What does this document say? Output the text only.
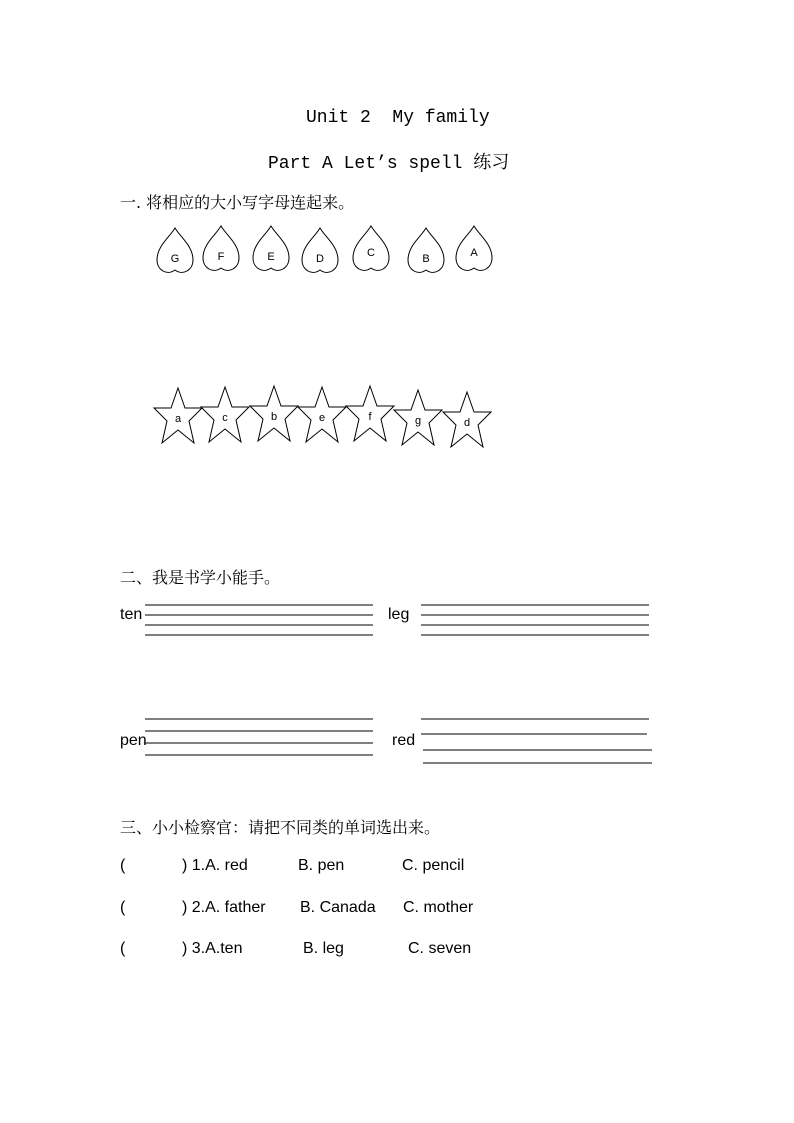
Unit 2  My family
Part A Let’s spell 练习
一. 将相应的大小写字母连起来。
G	F	E	D	C	B	A
a	c	b	e	f	g	d
二、我是书学小能手。
ten	leg
pen	red
三、小小检察官：请把不同类的单词选出来。
(	) 1.A. red	B. pen	C. pencil
(	) 2.A. father B. Canada C. mother
(	) 3.A.ten	B. leg	C. seven
